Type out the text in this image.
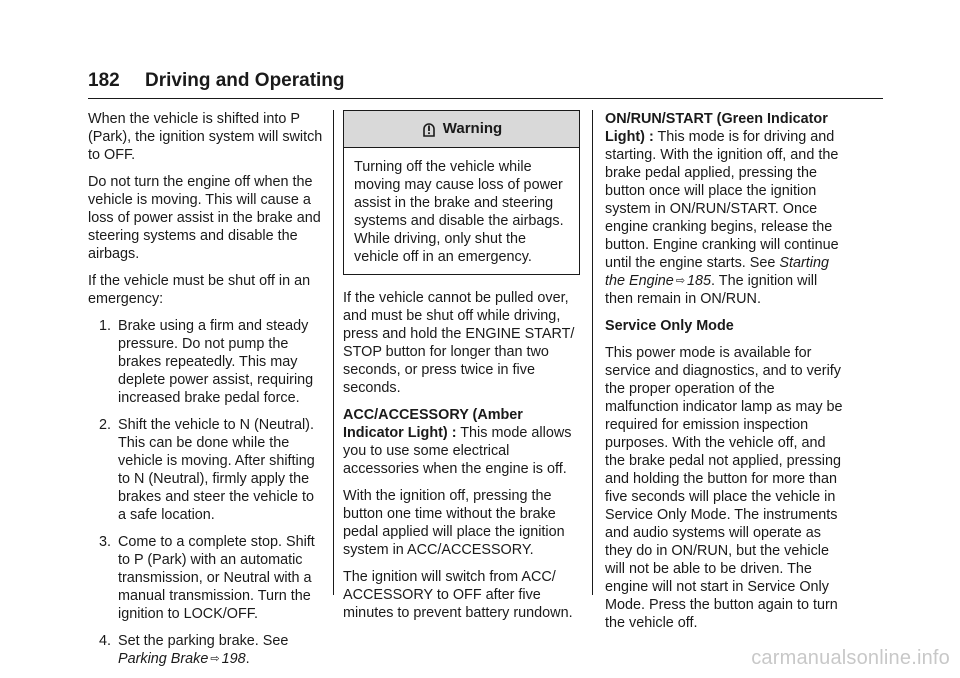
182 Driving and Operating

When the vehicle is shifted into P (Park), the ignition system will switch to OFF.

Do not turn the engine off when the vehicle is moving. This will cause a loss of power assist in the brake and steering systems and disable the airbags.

If the vehicle must be shut off in an emergency:

1. Brake using a firm and steady pressure. Do not pump the brakes repeatedly. This may deplete power assist, requiring increased brake pedal force.
2. Shift the vehicle to N (Neutral). This can be done while the vehicle is moving. After shifting to N (Neutral), firmly apply the brakes and steer the vehicle to a safe location.
3. Come to a complete stop. Shift to P (Park) with an automatic transmission, or Neutral with a manual transmission. Turn the ignition to LOCK/OFF.
4. Set the parking brake. See
Parking Brake ⇨ 198.
Warning
Turning off the vehicle while moving may cause loss of power assist in the brake and steering systems and disable the airbags. While driving, only shut the vehicle off in an emergency.

If the vehicle cannot be pulled over, and must be shut off while driving, press and hold the ENGINE START/ STOP button for longer than two seconds, or press twice in five seconds.

ACC/ACCESSORY (Amber Indicator Light) : This mode allows you to use some electrical accessories when the engine is off.

With the ignition off, pressing the button one time without the brake pedal applied will place the ignition system in ACC/ACCESSORY.

The ignition will switch from ACC/ ACCESSORY to OFF after five minutes to prevent battery rundown.

ON/RUN/START (Green Indicator Light) : This mode is for driving and starting. With the ignition off, and the brake pedal applied, pressing the button once will place the ignition system in ON/RUN/START. Once engine cranking begins, release the button. Engine cranking will continue until the engine starts. See Starting the Engine ⇨ 185. The ignition will then remain in ON/RUN.

Service Only Mode

This power mode is available for service and diagnostics, and to verify the proper operation of the malfunction indicator lamp as may be required for emission inspection purposes. With the vehicle off, and the brake pedal not applied, pressing and holding the button for more than five seconds will place the vehicle in Service Only Mode. The instruments and audio systems will operate as they do in ON/RUN, but the vehicle will not be able to be driven. The engine will not start in Service Only Mode. Press the button again to turn the vehicle off.

carmanualsonline.info
